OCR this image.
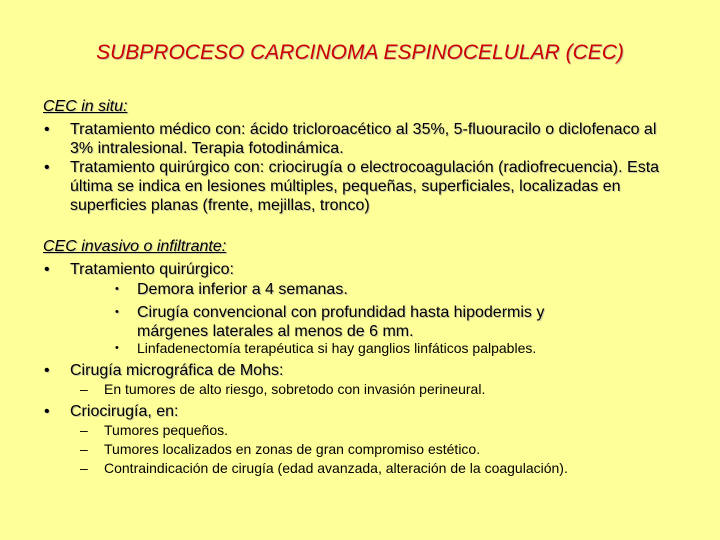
SUBPROCESO CARCINOMA ESPINOCELULAR (CEC)
CEC in situ:
• Tratamiento médico con: ácido tricloroacético al 35%, 5-fluouracilo o diclofenaco al 3% intralesional. Terapia fotodinámica.
• Tratamiento quirúrgico con: criocirugía o electrocoagulación (radiofrecuencia). Esta última se indica en lesiones múltiples, pequeñas, superficiales, localizadas en superficies planas (frente, mejillas, tronco)
CEC invasivo o infiltrante:
• Tratamiento quirúrgico:
• Demora inferior a 4 semanas.
• Cirugía convencional con profundidad hasta hipodermis y márgenes laterales al menos de 6 mm.
• Linfadenectomía terapéutica si hay ganglios linfáticos palpables.
• Cirugía micrográfica de Mohs:
– En tumores de alto riesgo, sobretodo con invasión perineural.
• Criocirugía, en:
– Tumores pequeños.
– Tumores localizados en zonas de gran compromiso estético.
– Contraindicación de cirugía (edad avanzada, alteración de la coagulación).
